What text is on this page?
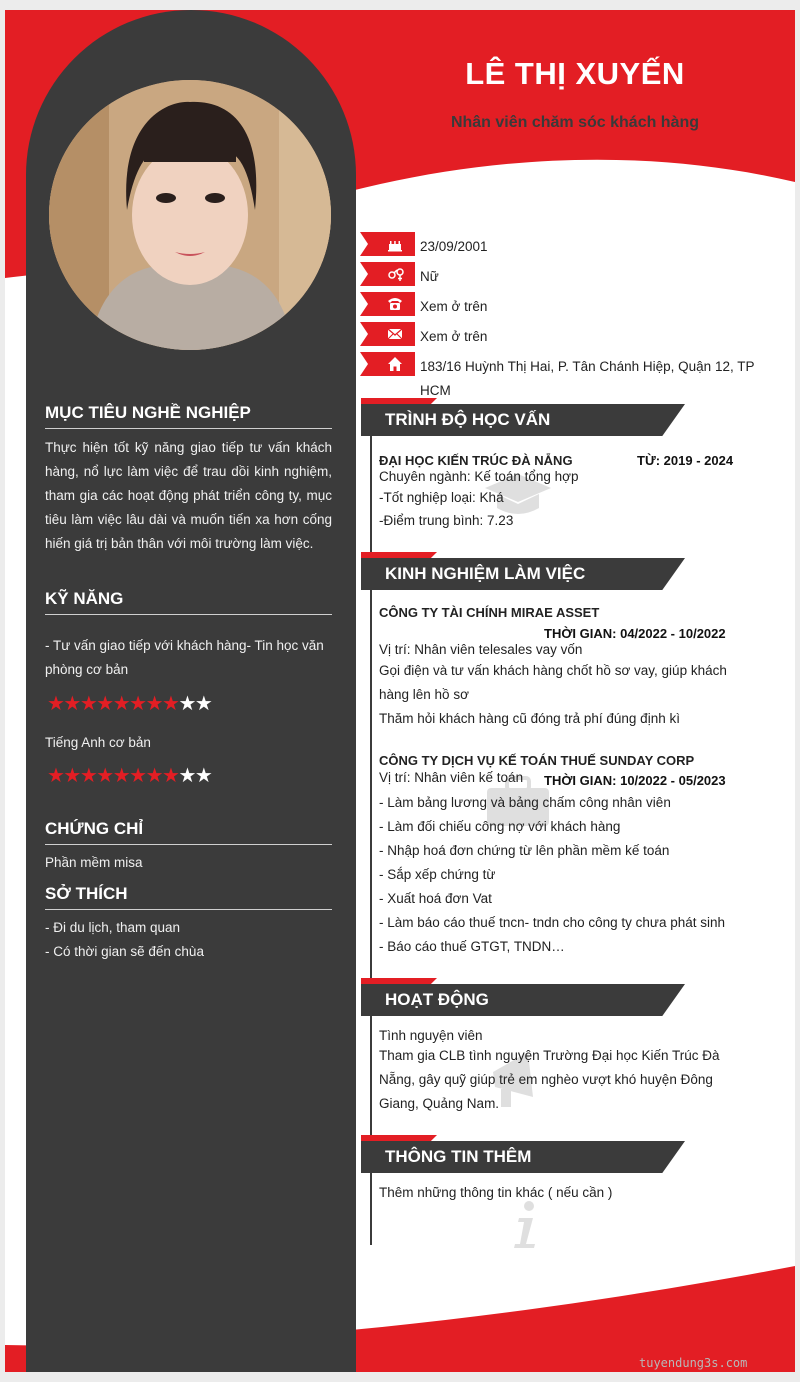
LÊ THỊ XUYẾN
Nhân viên chăm sóc khách hàng
23/09/2001
Nữ
Xem ở trên
Xem ở trên
183/16 Huỳnh Thị Hai, P. Tân Chánh Hiệp, Quận 12, TP HCM
MỤC TIÊU NGHỀ NGHIỆP
Thực hiện tốt kỹ năng giao tiếp tư vấn khách hàng, nổ lực làm việc để trau dồi kinh nghiệm, tham gia các hoạt động phát triển công ty, mục tiêu làm việc lâu dài và muốn tiến xa hơn cống hiến giá trị bản thân với môi trường làm việc.
KỸ NĂNG
- Tư vấn giao tiếp với khách hàng- Tin học văn phòng cơ bản
★★★★★★★★★★
Tiếng Anh cơ bản
★★★★★★★★★★
CHỨNG CHỈ
Phần mềm misa
SỞ THÍCH
- Đi du lịch, tham quan
- Có thời gian sẽ đến chùa
TRÌNH ĐỘ HỌC VẤN
ĐẠI HỌC KIẾN TRÚC ĐÀ NẴNG	TỪ: 2019 - 2024
Chuyên ngành: Kế toán tổng hợp
-Tốt nghiệp loại: Khá
-Điểm trung bình: 7.23
KINH NGHIỆM LÀM VIỆC
CÔNG TY TÀI CHÍNH MIRAE ASSET
THỜI GIAN: 04/2022 - 10/2022
Vị trí: Nhân viên telesales vay vốn
Gọi điện và tư vấn khách hàng chốt hồ sơ vay, giúp khách hàng lên hồ sơ
Thăm hỏi khách hàng cũ đóng trả phí đúng định kì
CÔNG TY DỊCH VỤ KẾ TOÁN THUẾ SUNDAY CORP
THỜI GIAN: 10/2022 - 05/2023
Vị trí: Nhân viên kế toán
- Làm bảng lương và bảng chấm công nhân viên
- Làm đối chiếu công nợ với khách hàng
- Nhập hoá đơn chứng từ lên phần mềm kế toán
- Sắp xếp chứng từ
- Xuất hoá đơn Vat
- Làm báo cáo thuế tncn- tndn cho công ty chưa phát sinh
- Báo cáo thuế GTGT, TNDN…
HOẠT ĐỘNG
Tình nguyện viên
Tham gia CLB tình nguyện Trường Đại học Kiến Trúc Đà Nẵng, gây quỹ giúp trẻ em nghèo vượt khó huyện Đông Giang, Quảng Nam.
THÔNG TIN THÊM
Thêm những thông tin khác ( nếu cần )
tuyendung3s.com
